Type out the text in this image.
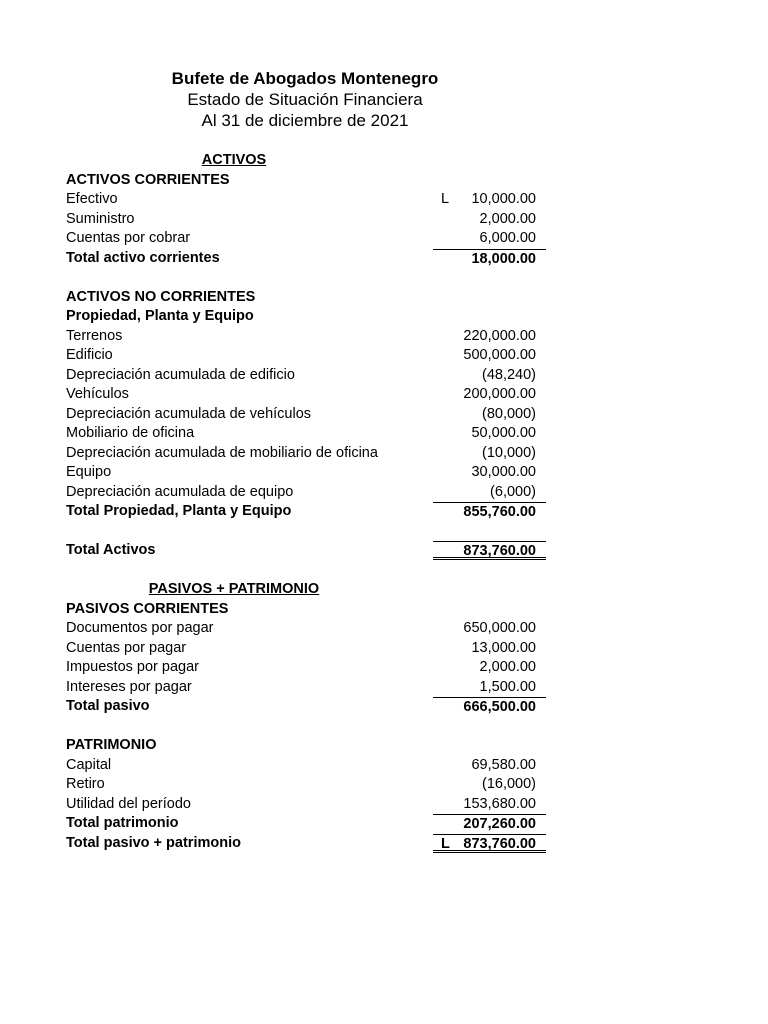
Bufete de Abogados Montenegro
Estado de Situación Financiera
Al 31 de diciembre de 2021
ACTIVOS
ACTIVOS CORRIENTES
Efectivo	L 10,000.00
Suministro	2,000.00
Cuentas por cobrar	6,000.00
Total activo corrientes	18,000.00
ACTIVOS NO CORRIENTES
Propiedad, Planta y Equipo
Terrenos	220,000.00
Edificio	500,000.00
Depreciación acumulada de edificio	(48,240)
Vehículos	200,000.00
Depreciación acumulada de vehículos	(80,000)
Mobiliario de oficina	50,000.00
Depreciación acumulada de mobiliario de oficina	(10,000)
Equipo	30,000.00
Depreciación acumulada de equipo	(6,000)
Total Propiedad, Planta y Equipo	855,760.00
Total Activos	873,760.00
PASIVOS + PATRIMONIO
PASIVOS CORRIENTES
Documentos por pagar	650,000.00
Cuentas por pagar	13,000.00
Impuestos por pagar	2,000.00
Intereses por pagar	1,500.00
Total pasivo	666,500.00
PATRIMONIO
Capital	69,580.00
Retiro	(16,000)
Utilidad del período	153,680.00
Total patrimonio	207,260.00
Total pasivo + patrimonio	L 873,760.00
